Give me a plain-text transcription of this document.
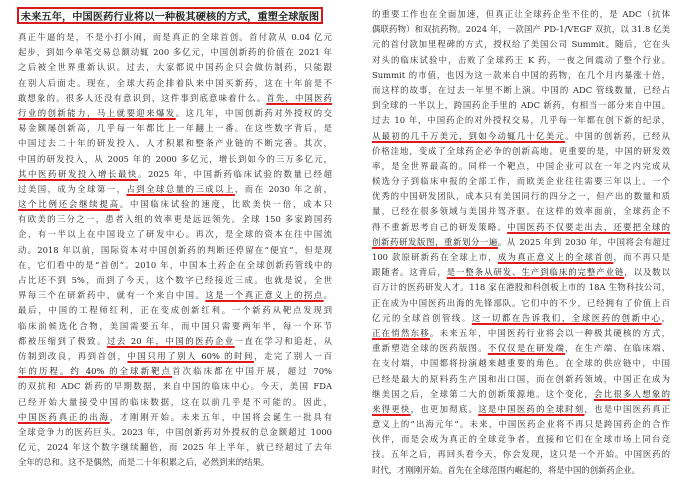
未来五年，中国医药行业将以一种极其硬核的方式，重塑全球版图
真正牛逼的是，不是小打小闹，而是真正的全球首创。首付款从 0.04 亿元
起步，到如今单笔交易总额动辄 200 多亿元，中国创新药的价值在 2021 年
之后被全世界重新认识。过去，大家都说中国药企只会做仿制药，只能跟
在别人后面走。现在，全球大药企排着队来中国买新药，这在十年前是不
敢想象的。很多人还没有意识到，这件事到底意味着什么。首先，中国医药
行业的创新能力，马上就要迎来爆发。这几年，中国创新药对外授权的交
易金额屡创新高，几乎每一年都比上一年翻上一番。在这些数字背后，是
中国过去二十年的研发投入、人才积累和整条产业链的不断完善。其次，
中国的研发投入，从 2005 年的 2000 多亿元，增长到如今的三万多亿元，
其中医药研发投入增长最快。2025 年，中国新药临床试验的数量已经超
过美国，成为全球第一，占到全球总量的三成以上，而在 2030 年之前，
这个比例还会继续提高。中国临床试验的速度，比欧美快一倍，成本只
有欧美的三分之一，患者入组的效率更是远远领先。全球 150 多家跨国药
企，有一半以上在中国设立了研发中心。再次，是全球的资本在往中国流
动。2018 年以前，国际资本对中国创新药的判断还停留在“便宜”，但是现
在，它们看中的是“首创”。2010 年，中国本土药企在全球创新药管线中的
占比还不到 5%，而到了今天，这个数字已经接近三成。也就是说，全世
界每三个在研新药中，就有一个来自中国。这是一个真正意义上的拐点。
最后，中国的工程师红利，正在变成创新红利。一个新药从靶点发现到
临床前候选化合物，美国需要五年，而中国只需要两年半，每一个环节
都被压缩到了极致。过去 20 年，中国的医药企业一直在学习和追赶，从
仿制到改良，再到首创，中国只用了别人 60% 的时间，走完了别人一百
年的历程。约 40% 的全球新靶点首次临床都在中国开展，超过 70%
的双抗和 ADC 新药的早期数据，来自中国的临床中心。今天，美国 FDA
已经开始大量接受中国的临床数据，这在以前几乎是不可能的。因此，
中国医药真正的出海，才刚刚开始。未来五年，中国将会诞生一批具有
全球竞争力的医药巨头。2023 年，中国创新药对外授权的总金额超过 1000
亿元，2024 年这个数字继续翻倍，而 2025 年上半年，就已经超过了去年
全年的总和。这不是偶然，而是二十年积累之后，必然到来的结果。
的重要工作也在全面加速，但真正让全球药企坐不住的，是 ADC（抗体
偶联药物）和双抗药物。2024 年，一款国产 PD-1/VEGF 双抗，以 31.8 亿美
元的首付款加里程碑的方式，授权给了美国公司 Summit。随后，它在头
对头的临床试验中，击败了全球药王 K 药，一夜之间震动了整个行业。
Summit 的市值，也因为这一款来自中国的药物，在几个月内暴涨十倍，
而这样的故事，在过去一年里不断上演。中国的 ADC 管线数量，已经占
到全球的一半以上，跨国药企手里的 ADC 新药，有相当一部分来自中国。
过去 10 年，中国药企的对外授权交易，几乎每一年都在创下新的纪录，
从最初的几千万美元，到如今动辄几十亿美元。中国的创新药，已经从
价格洼地，变成了全球药企必争的创新高地。更重要的是，中国的研发效
率，是全世界最高的。同样一个靶点，中国企业可以在一年之内完成从
候选分子到临床申报的全部工作，而欧美企业往往需要三年以上。一个
优秀的中国研发团队，成本只有美国同行的四分之一，但产出的数量和质
量，已经在很多领域与美国并驾齐驱。在这样的效率面前，全球药企不
得不重新思考自己的研发策略。中国医药不仅要走出去，还要把全球的
创新药研发版图，重新划分一遍。从 2025 年到 2030 年，中国将会有超过
100 款原研新药在全球上市，成为真正意义上的全球首创，而不再只是
跟随者。这背后，是一整条从研发、生产到临床的完整产业链，以及数以
百万计的医药研发人才。118 家在港股和科创板上市的 18A 生物科技公司，
正在成为中国医药出海的先锋部队。它们中的不少，已经拥有了价值上百
亿元的全球首创管线。这一切都在告诉我们，全球医药的创新中心，
正在悄然东移。未来五年，中国医药行业将会以一种极其硬核的方式，
重新塑造全球的医药版图。不仅仅是在研发端，在生产端、在临床端、
在支付端，中国都将扮演越来越重要的角色。在全球的供应链中，中国
已经是最大的原料药生产国和出口国，而在创新药领域，中国正在成为
继美国之后，全球第二大的创新策源地。这个变化，会比很多人想象的
来得更快，也更加彻底。这是中国医药的全球时刻，也是中国医药真正
意义上的“出海元年”。未来，中国医药企业将不再只是跨国药企的合作
伙伴，而是会成为真正的全球竞争者，直接和它们在全球市场上同台竞
技。五年之后，再回头看今天，你会发现，这只是一个开始。中国医药的
时代，才刚刚开始。首先在全球范围内崛起的，将是中国的创新药企业。
